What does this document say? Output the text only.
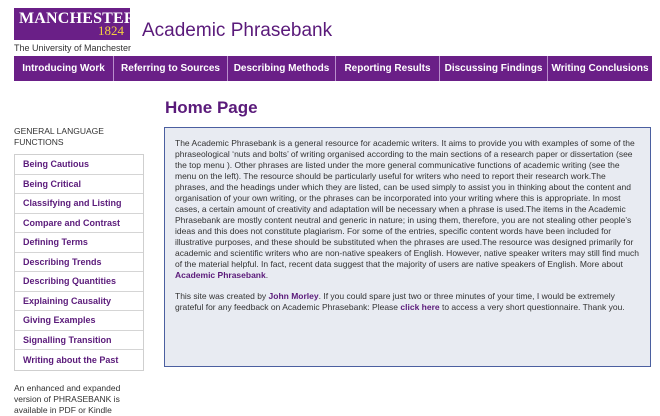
MANCHESTER
1824
The University of Manchester
Academic Phrasebank
Introducing Work	Referring to Sources	Describing Methods	Reporting Results	Discussing Findings Writing Conclusions
Home Page
GENERAL LANGUAGE FUNCTIONS
Being Cautious
Being Critical
Classifying and Listing
Compare and Contrast
Defining Terms
Describing Trends
Describing Quantities
Explaining Causality
Giving Examples
Signalling Transition
Writing about the Past
An enhanced and expanded version of PHRASEBANK is available in PDF or Kindle

The Academic Phrasebank is a general resource for academic writers. It aims to provide you with examples of some of the phraseological ‘nuts and bolts’ of writing organised according to the main sections of a research paper or dissertation (see the top menu ). Other phrases are listed under the more general communicative functions of academic writing (see the menu on the left). The resource should be particularly useful for writers who need to report their research work.The phrases, and the headings under which they are listed, can be used simply to assist you in thinking about the content and organisation of your own writing, or the phrases can be incorporated into your writing where this is appropriate. In most cases, a certain amount of creativity and adaptation will be necessary when a phrase is used.The items in the Academic Phrasebank are mostly content neutral and generic in nature; in using them, therefore, you are not stealing other people’s ideas and this does not constitute plagiarism. For some of the entries, specific content words have been included for illustrative purposes, and these should be substituted when the phrases are used.The resource was designed primarily for academic and scientific writers who are non-native speakers of English. However, native speaker writers may still find much of the material helpful. In fact, recent data suggest that the majority of users are native speakers of English. More about Academic Phrasebank.

This site was created by John Morley. If you could spare just two or three minutes of your time, I would be extremely grateful for any feedback on Academic Phrasebank: Please click here to access a very short questionnaire. Thank you.
